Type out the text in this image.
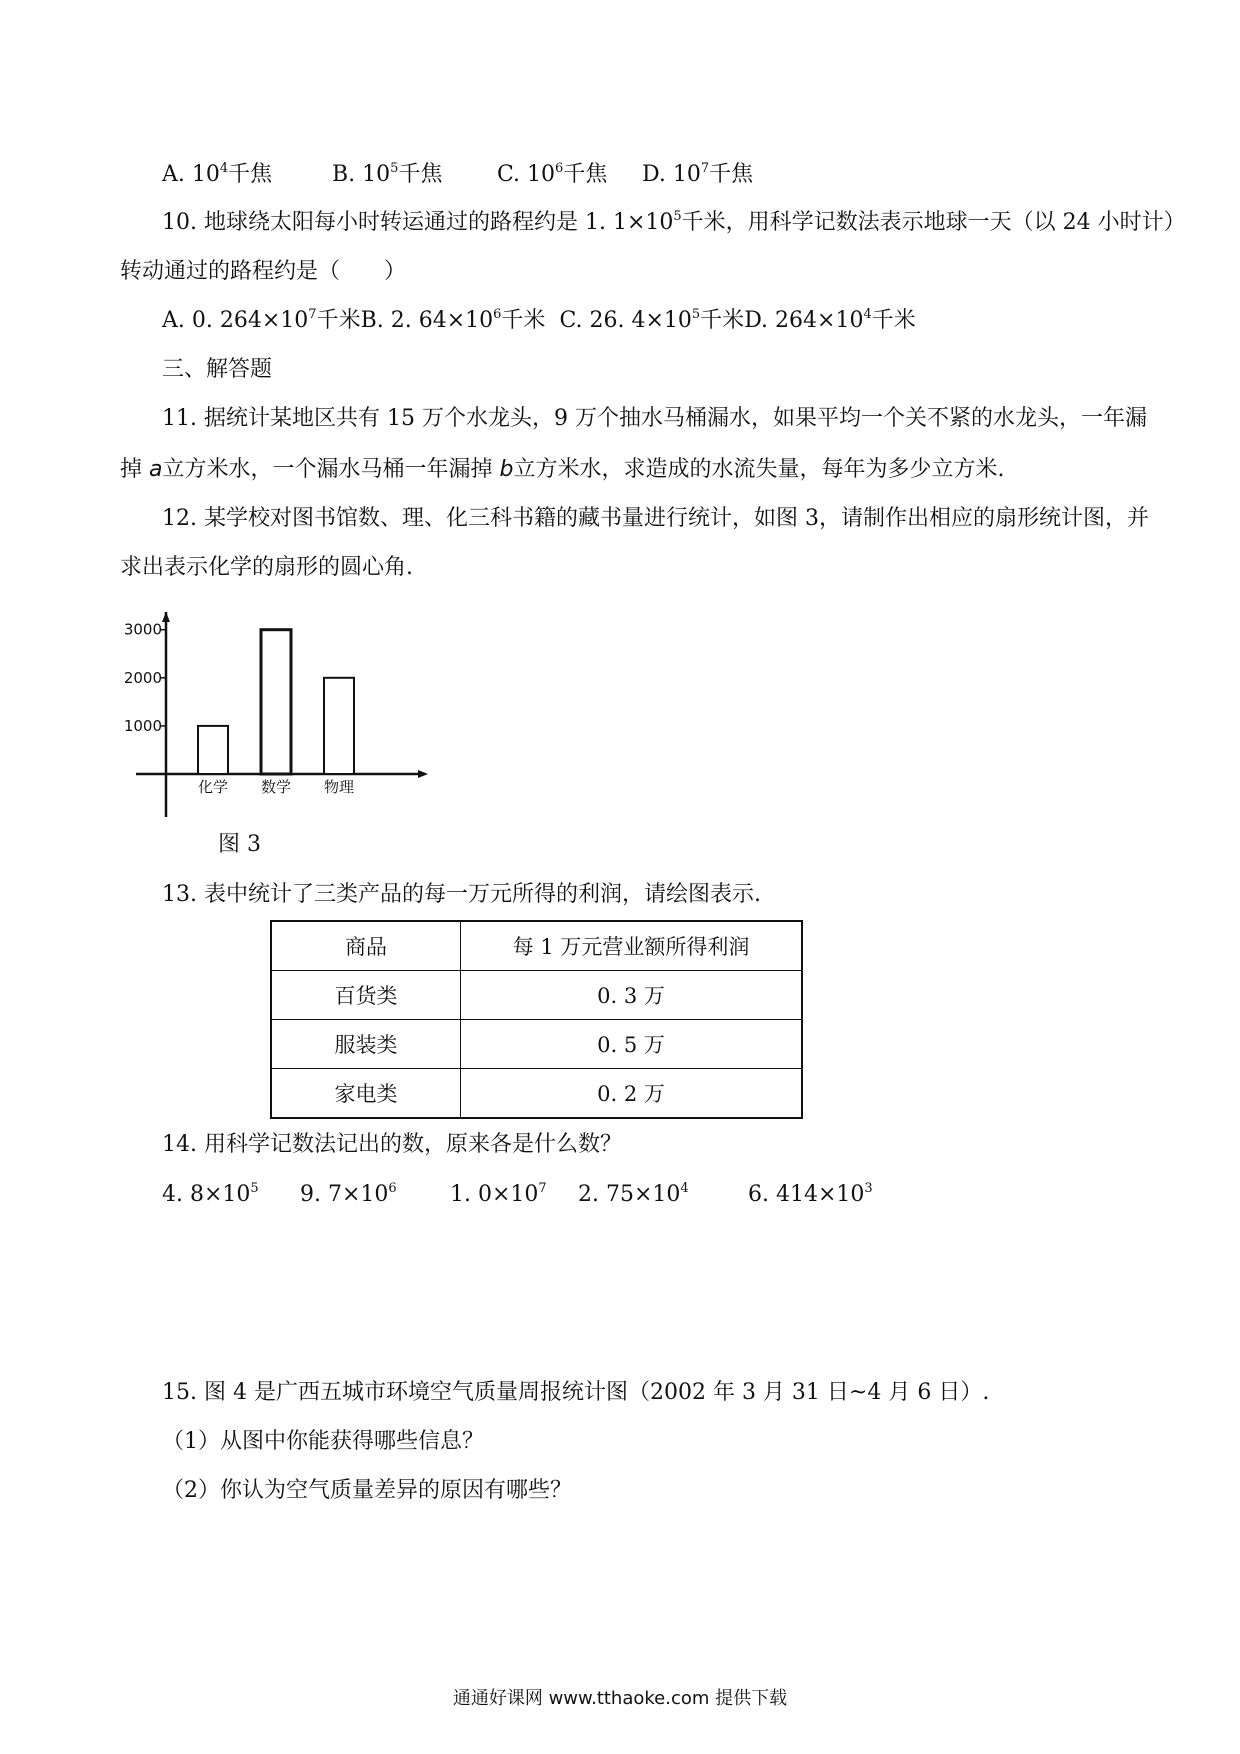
A. $10^4$千焦	B. $10^5$千焦 C. $10^6$千焦 D. $10^7$千焦
10. 地球绕太阳每小时转运通过的路程约是 1. $1\times 10^5$千米，用科学记数法表示地球一天（以 24 小时计）
转动通过的路程约是（　　）
A. 0. $264\times 10^7$千米B. 2. $64\times 10^6$千米 C. 26. $4\times 10^5$千米D. $264\times 10^4$千米
三、解答题
11. 据统计某地区共有 15 万个水龙头，9 万个抽水马桶漏水，如果平均一个关不紧的水龙头，一年漏
掉 a立方米水，一个漏水马桶一年漏掉 b立方米水，求造成的水流失量，每年为多少立方米.
12. 某学校对图书馆数、理、化三科书籍的藏书量进行统计，如图 3，请制作出相应的扇形统计图，并
求出表示化学的扇形的圆心角.
1000
2000
3000
化学 数学 物理
图 3
13. 表中统计了三类产品的每一万元所得的利润，请绘图表示.
商品	每 1 万元营业额所得利润
百货类	0. 3 万
服装类	0. 5 万
家电类	0. 2 万
14. 用科学记数法记出的数，原来各是什么数？
4. $8\times 10^5$ 9. $7\times 10^6$ 1. $0\times 10^7$ 2. $75\times 10^4$	6. $414\times 10^3$
15. 图 4 是广西五城市环境空气质量周报统计图（2002 年 3 月 31 日~4 月 6 日）.
（1）从图中你能获得哪些信息？
（2）你认为空气质量差异的原因有哪些？
通通好课网 www.tthaoke.com 提供下载
